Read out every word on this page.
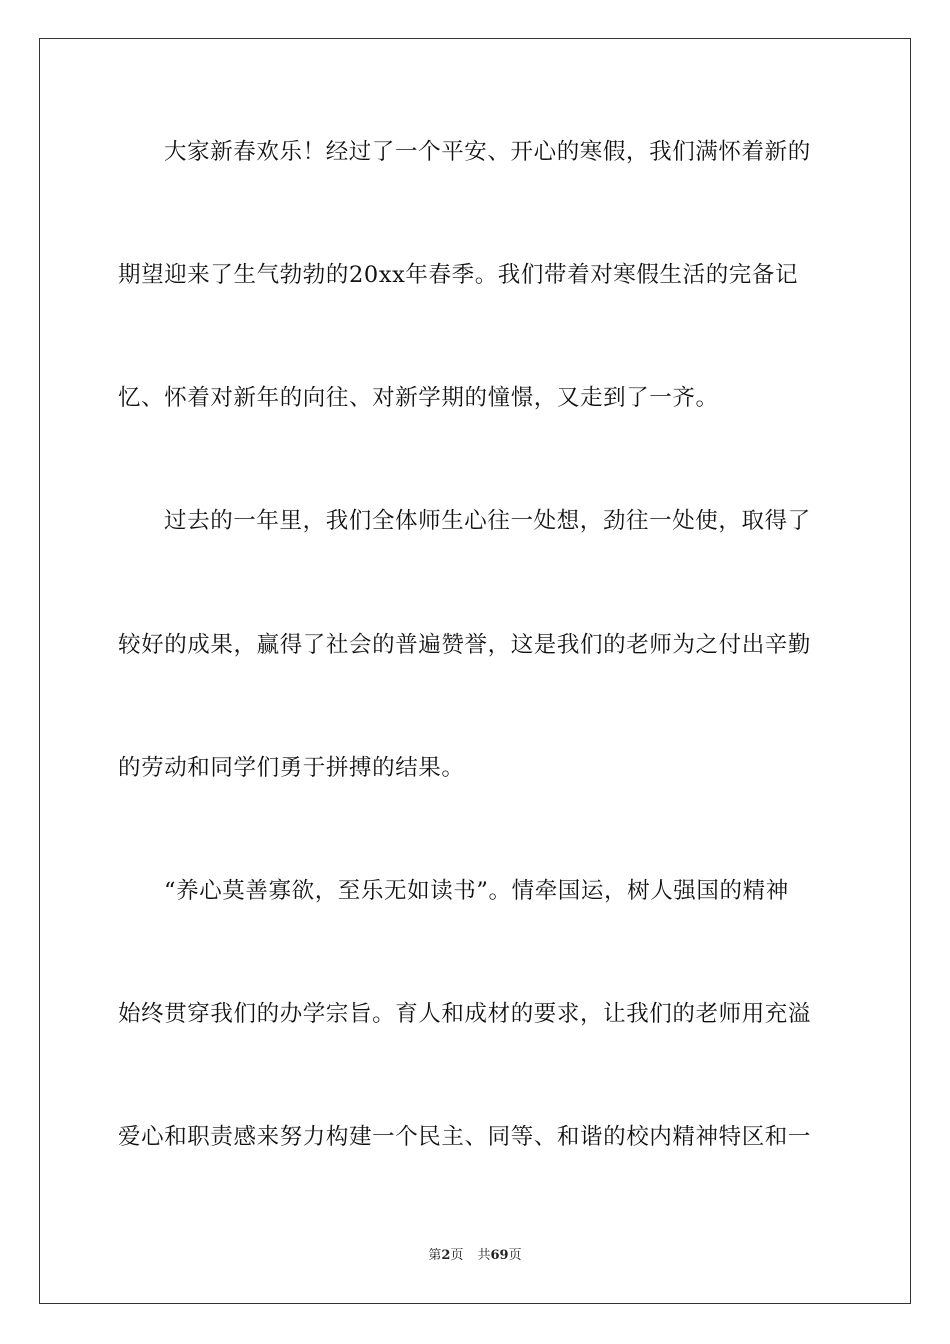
大家新春欢乐！经过了一个平安、开心的寒假，我们满怀着新的
期望迎来了生气勃勃的20xx年春季。我们带着对寒假生活的完备记
忆、怀着对新年的向往、对新学期的憧憬，又走到了一齐。
过去的一年里，我们全体师生心往一处想，劲往一处使，取得了
较好的成果，赢得了社会的普遍赞誉，这是我们的老师为之付出辛勤
的劳动和同学们勇于拼搏的结果。
“养心莫善寡欲，至乐无如读书”。情牵国运，树人强国的精神
始终贯穿我们的办学宗旨。育人和成材的要求，让我们的老师用充溢
爱心和职责感来努力构建一个民主、同等、和谐的校内精神特区和一
第2页 共69页
